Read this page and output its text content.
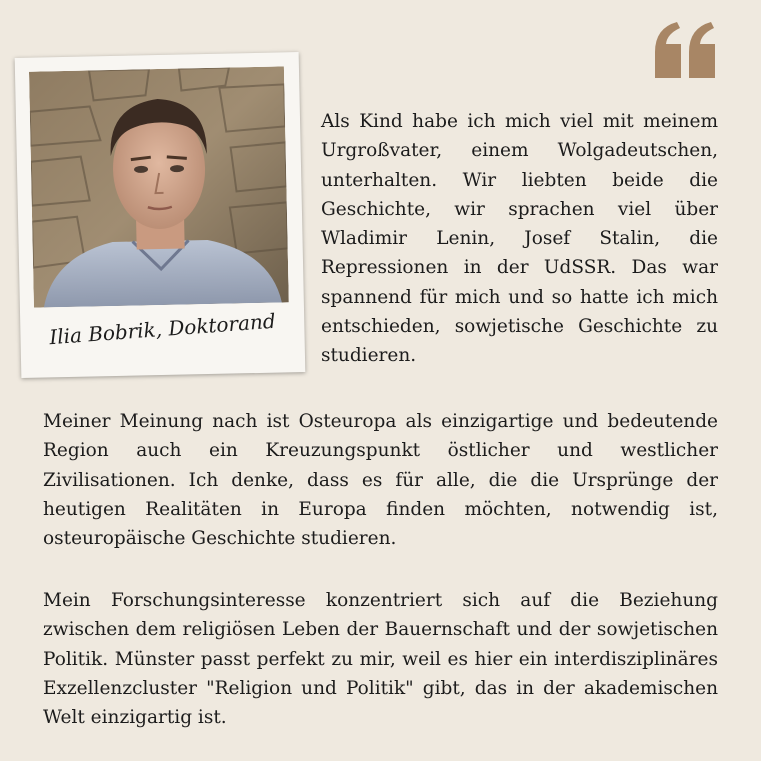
Ilia Bobrik, Doktorand

Als Kind habe ich mich viel mit meinem Urgroßvater, einem Wolgadeutschen, unterhalten. Wir liebten beide die Geschichte, wir sprachen viel über Wladimir Lenin, Josef Stalin, die Repressionen in der UdSSR. Das war spannend für mich und so hatte ich mich entschieden, sowjetische Geschichte zu studieren.

Meiner Meinung nach ist Osteuropa als einzigartige und bedeutende Region auch ein Kreuzungspunkt östlicher und westlicher Zivilisationen. Ich denke, dass es für alle, die die Ursprünge der heutigen Realitäten in Europa finden möchten, notwendig ist, osteuropäische Geschichte studieren.

Mein Forschungsinteresse konzentriert sich auf die Beziehung zwischen dem religiösen Leben der Bauernschaft und der sowjetischen Politik. Münster passt perfekt zu mir, weil es hier ein interdisziplinäres Exzellenzcluster "Religion und Politik" gibt, das in der akademischen Welt einzigartig ist.
